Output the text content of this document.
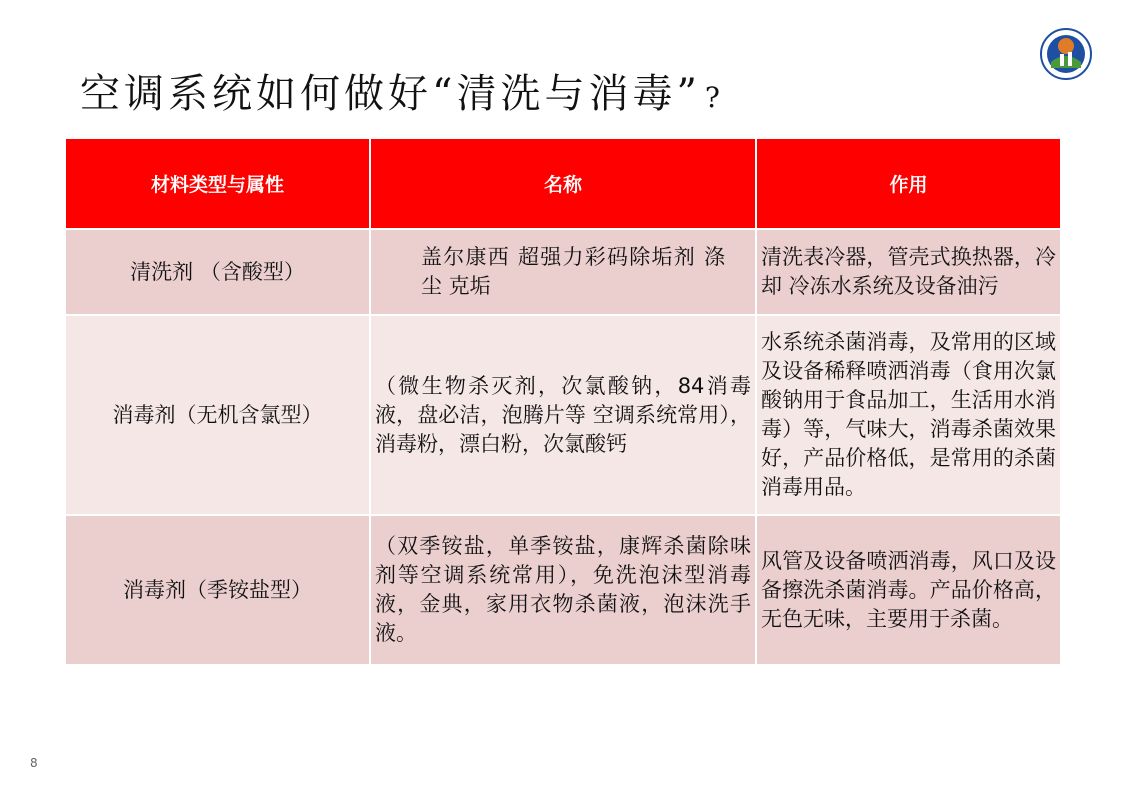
空调系统如何做好“清洗与消毒” ?
材料类型与属性	名称	作用
清洗剂 （含酸型）	盖尔康西 超强力彩码除垢剂 涤尘 克垢	清洗表冷器，管壳式换热器，冷却 冷冻水系统及设备油污
消毒剂（无机含氯型）	（微生物杀灭剂，次氯酸钠，84消毒液，盘必洁，泡腾片等 空调系统常用），消毒粉，漂白粉，次氯酸钙	水系统杀菌消毒，及常用的区域及设备稀释喷洒消毒（食用次氯酸钠用于食品加工，生活用水消毒）等，气味大，消毒杀菌效果好，产品价格低，是常用的杀菌消毒用品。
消毒剂（季铵盐型）	（双季铵盐，单季铵盐，康辉杀菌除味剂等空调系统常用），免洗泡沫型消毒液，金典，家用衣物杀菌液，泡沫洗手液。	风管及设备喷洒消毒，风口及设备擦洗杀菌消毒。产品价格高，无色无味，主要用于杀菌。
8
